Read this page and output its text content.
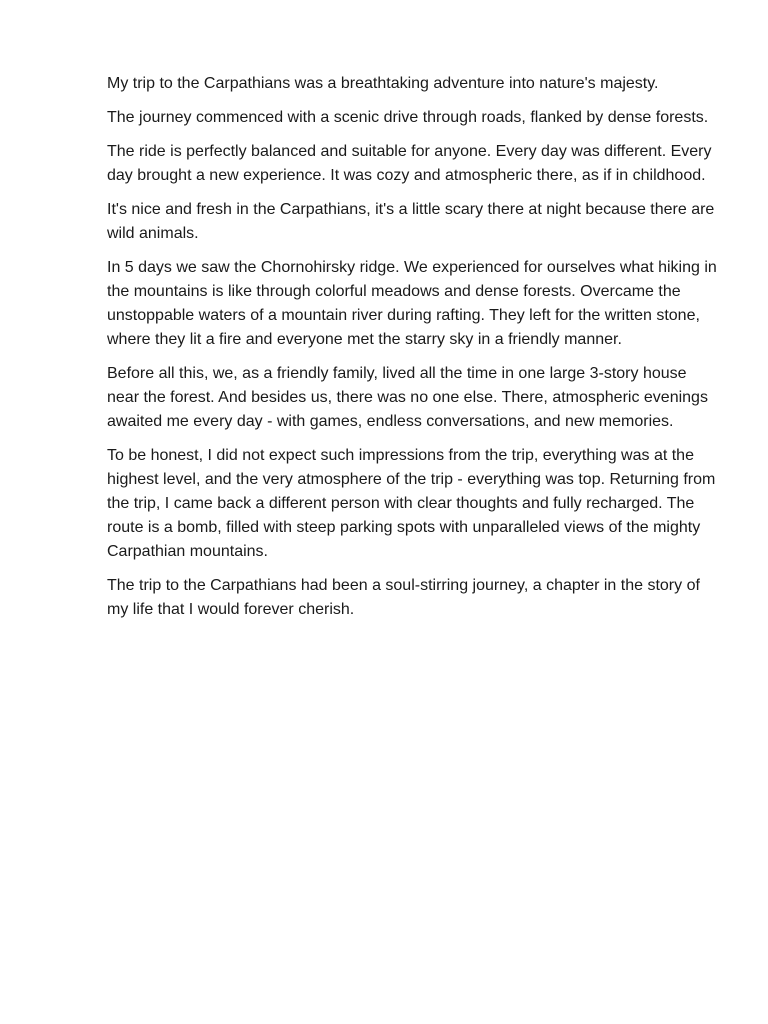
My trip to the Carpathians was a breathtaking adventure into nature's majesty.

The journey commenced with a scenic drive through roads, flanked by dense forests.

The ride is perfectly balanced and suitable for anyone. Every day was different. Every day brought a new experience. It was cozy and atmospheric there, as if in childhood.

It's nice and fresh in the Carpathians, it's a little scary there at night because there are wild animals.

In 5 days we saw the Chornohirsky ridge. We experienced for ourselves what hiking in the mountains is like through colorful meadows and dense forests. Overcame the unstoppable waters of a mountain river during rafting. They left for the written stone, where they lit a fire and everyone met the starry sky in a friendly manner.

Before all this, we, as a friendly family, lived all the time in one large 3-story house near the forest. And besides us, there was no one else. There, atmospheric evenings awaited me every day - with games, endless conversations, and new memories.

To be honest, I did not expect such impressions from the trip, everything was at the highest level, and the very atmosphere of the trip - everything was top. Returning from the trip, I came back a different person with clear thoughts and fully recharged. The route is a bomb, filled with steep parking spots with unparalleled views of the mighty Carpathian mountains.

The trip to the Carpathians had been a soul-stirring journey, a chapter in the story of my life that I would forever cherish.
